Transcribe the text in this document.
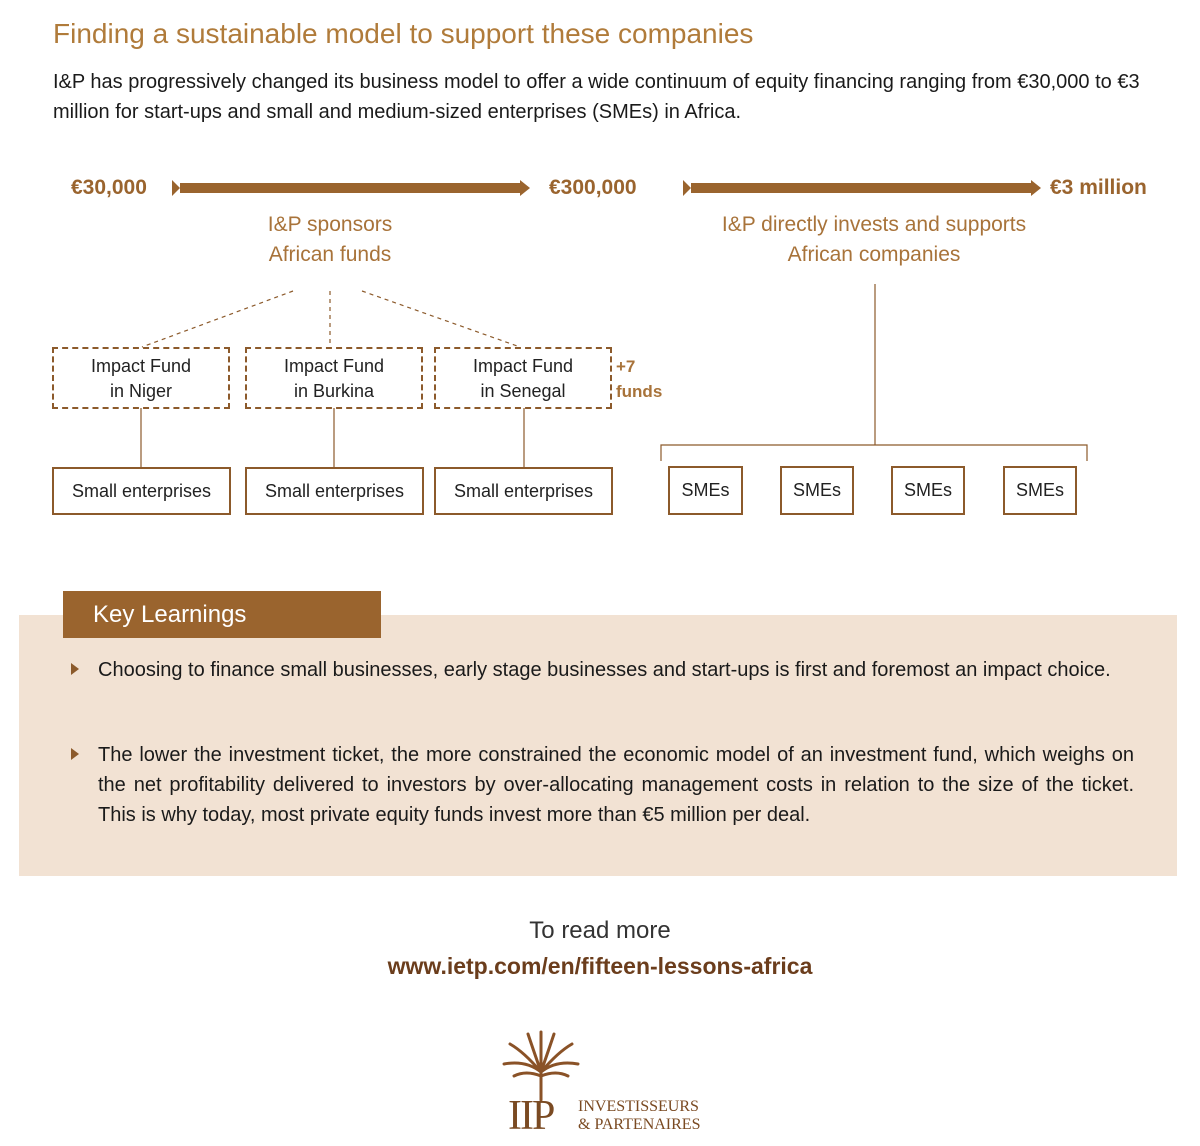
Finding a sustainable model to support these companies
I&P has progressively changed its business model to offer a wide continuum of equity financing ranging from €30,000 to €3 million for start-ups and small and medium-sized enterprises (SMEs) in Africa.
€30,000	€300,000	€3 million
I&P sponsors
African funds
I&P directly invests and supports
African companies
Impact Fund
in Niger
Impact Fund
in Burkina
Impact Fund
in Senegal
+7
funds
Small enterprises	Small enterprises	Small enterprises	SMEs	SMEs	SMEs	SMEs
Key Learnings
Choosing to finance small businesses, early stage businesses and start-ups is first and foremost an impact choice.
The lower the investment ticket, the more constrained the economic model of an investment fund, which weighs on the net profitability delivered to investors by over-allocating management costs in relation to the size of the ticket. This is why today, most private equity funds invest more than €5 million per deal.
To read more
www.ietp.com/en/fifteen-lessons-africa
IIP INVESTISSEURS
& PARTENAIRES
